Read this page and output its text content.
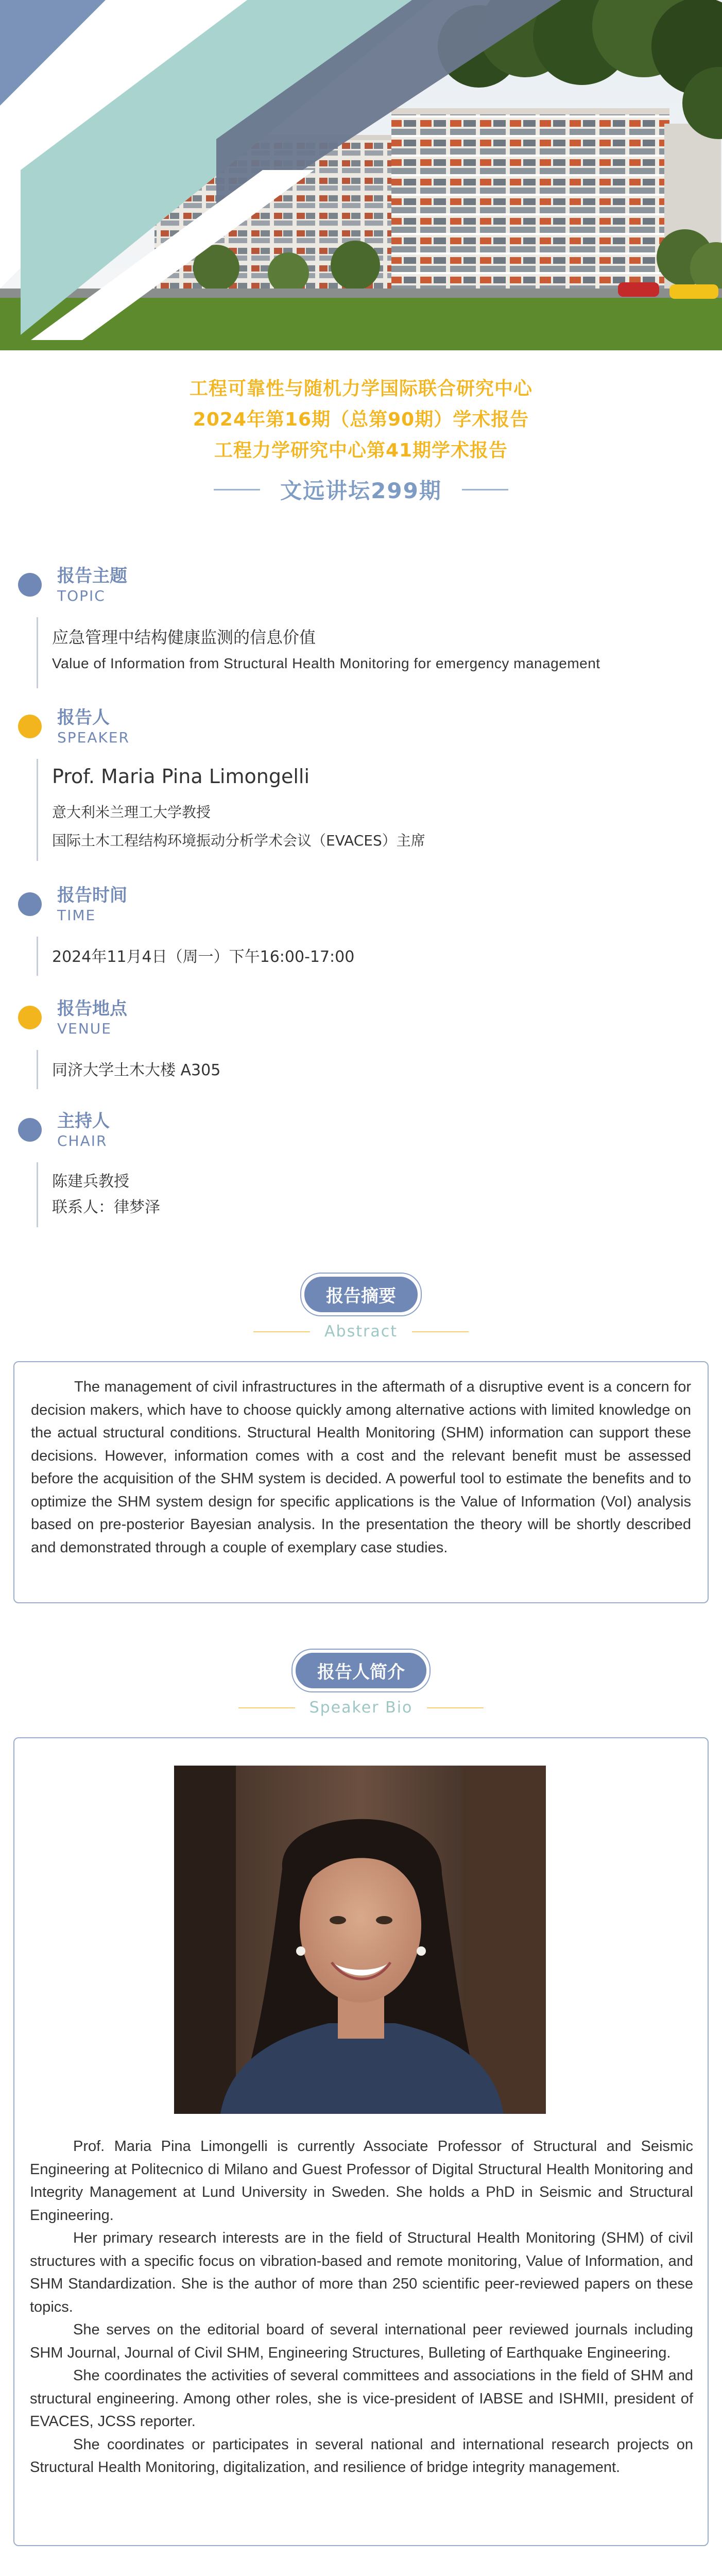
工程可靠性与随机力学国际联合研究中心
2024年第16期（总第90期）学术报告
工程力学研究中心第41期学术报告
文远讲坛299期
报告主题
TOPIC
应急管理中结构健康监测的信息价值
Value of Information from Structural Health Monitoring for emergency management
报告人
SPEAKER
Prof. Maria Pina Limongelli
意大利米兰理工大学教授
国际土木工程结构环境振动分析学术会议（EVACES）主席
报告时间
TIME
2024年11月4日（周一）下午16:00-17:00
报告地点
VENUE
同济大学土木大楼 A305
主持人
CHAIR
陈建兵教授
联系人：律梦泽
报告摘要
Abstract

The management of civil infrastructures in the aftermath of a disruptive event is a concern for decision makers, which have to choose quickly among alternative actions with limited knowledge on the actual structural conditions. Structural Health Monitoring (SHM) information can support these decisions. However, information comes with a cost and the relevant benefit must be assessed before the acquisition of the SHM system is decided. A powerful tool to estimate the benefits and to optimize the SHM system design for specific applications is the Value of Information (VoI) analysis based on pre-posterior Bayesian analysis. In the presentation the theory will be shortly described and demonstrated through a couple of exemplary case studies.

报告人简介
Speaker Bio

Prof. Maria Pina Limongelli is currently Associate Professor of Structural and Seismic Engineering at Politecnico di Milano and Guest Professor of Digital Structural Health Monitoring and Integrity Management at Lund University in Sweden. She holds a PhD in Seismic and Structural Engineering.

Her primary research interests are in the field of Structural Health Monitoring (SHM) of civil structures with a specific focus on vibration-based and remote monitoring, Value of Information, and SHM Standardization. She is the author of more than 250 scientific peer-reviewed papers on these topics.

She serves on the editorial board of several international peer reviewed journals including SHM Journal, Journal of Civil SHM, Engineering Structures, Bulleting of Earthquake Engineering.

She coordinates the activities of several committees and associations in the field of SHM and structural engineering. Among other roles, she is vice-president of IABSE and ISHMII, president of EVACES, JCSS reporter.

She coordinates or participates in several national and international research projects on Structural Health Monitoring, digitalization, and resilience of bridge integrity management.
